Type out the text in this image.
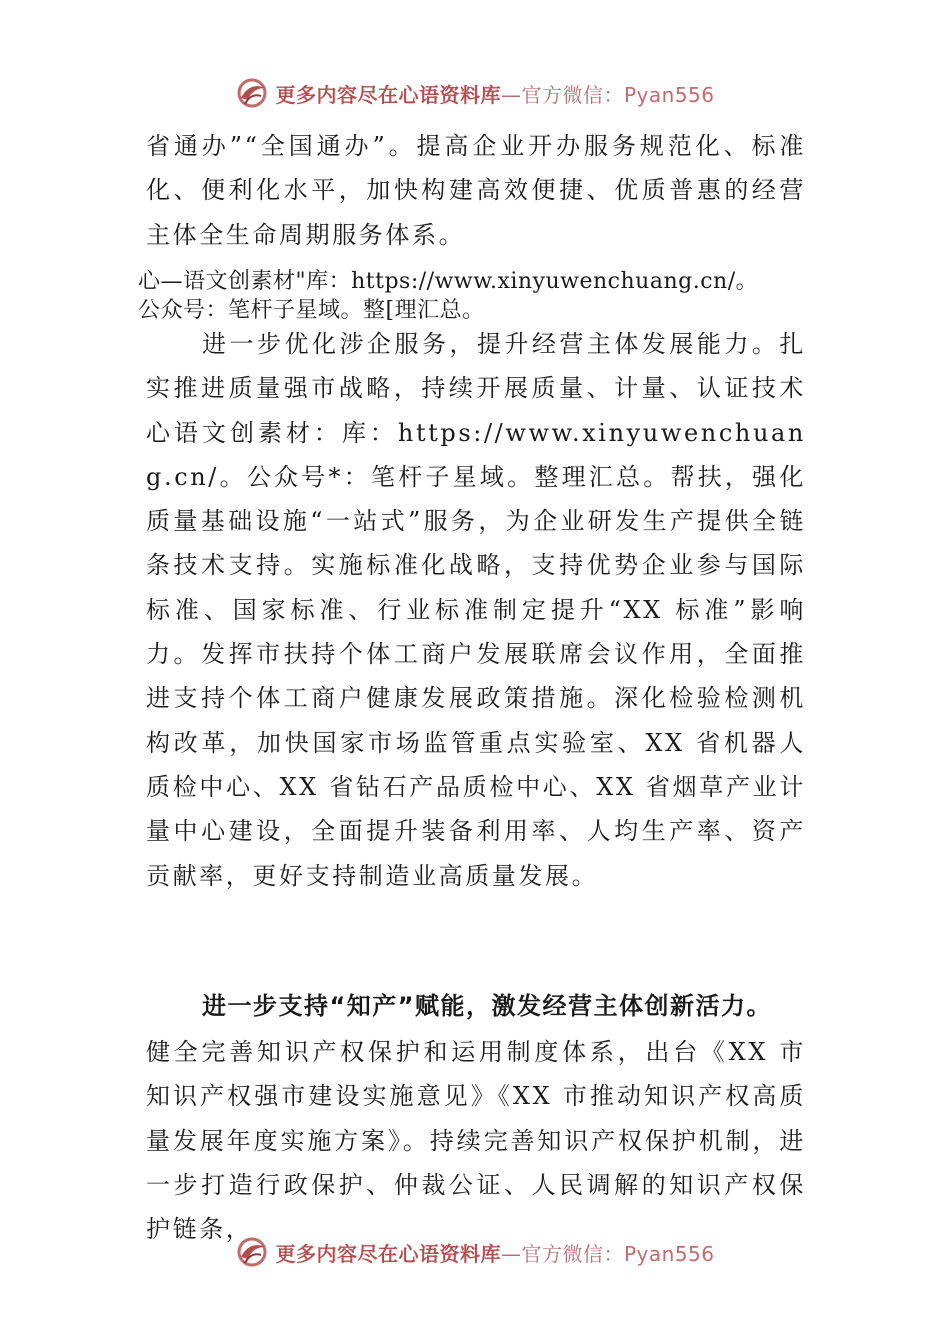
更多内容尽在心语资料库—官方微信：Pyan556

省通办”“全国通办”。提高企业开办服务规范化、标准化、便利化水平，加快构建高效便捷、优质普惠的经营主体全生命周期服务体系。

心—语文创素材"库：https://www.xinyuwenchuang.cn/。

公众号：笔杆子星域。整[理汇总。

进一步优化涉企服务，提升经营主体发展能力。扎实推进质量强市战略，持续开展质量、计量、认证技术心语文创素材：库：https://www.xinyuwenchuang.cn/。公众号*：笔杆子星域。整理汇总。帮扶，强化质量基础设施“一站式”服务，为企业研发生产提供全链条技术支持。实施标准化战略，支持优势企业参与国际标准、国家标准、行业标准制定提升“XX 标准”影响力。发挥市扶持个体工商户发展联席会议作用，全面推进支持个体工商户健康发展政策措施。深化检验检测机构改革，加快国家市场监管重点实验室、XX 省机器人质检中心、XX 省钻石产品质检中心、XX 省烟草产业计量中心建设，全面提升装备利用率、人均生产率、资产贡献率，更好支持制造业高质量发展。

进一步支持“知产”赋能，激发经营主体创新活力。

健全完善知识产权保护和运用制度体系，出台《XX 市知识产权强市建设实施意见》《XX 市推动知识产权高质量发展年度实施方案》。持续完善知识产权保护机制，进一步打造行政保护、仲裁公证、人民调解的知识产权保护链条，

更多内容尽在心语资料库—官方微信：Pyan556
